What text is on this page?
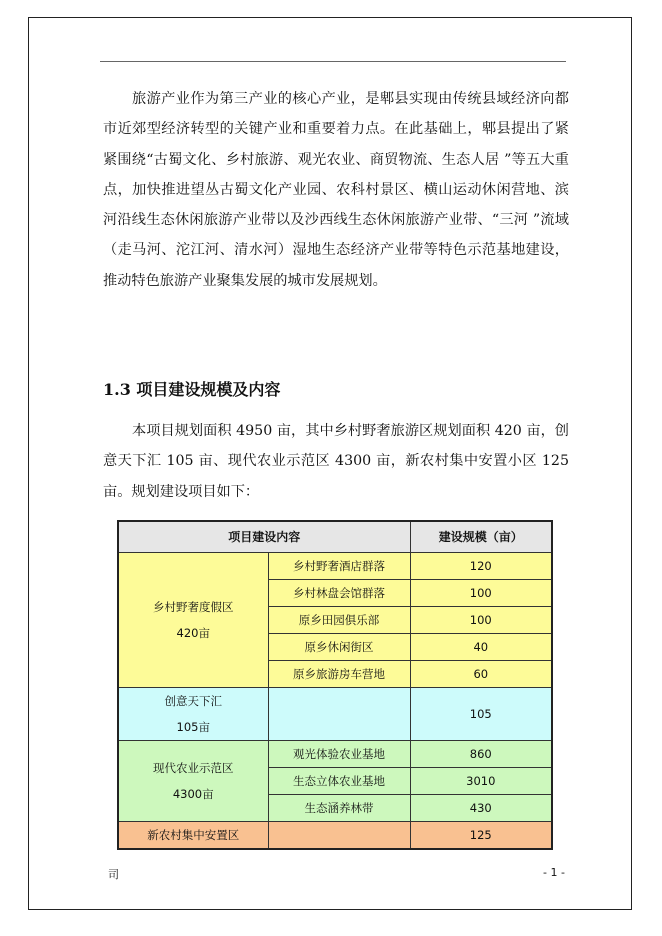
旅游产业作为第三产业的核心产业，是郫县实现由传统县域经济向都市近郊型经济转型的关键产业和重要着力点。在此基础上，郫县提出了紧紧围绕“古蜀文化、乡村旅游、观光农业、商贸物流、生态人居 ”等五大重点，加快推进望丛古蜀文化产业园、农科村景区、横山运动休闲营地、滨河沿线生态休闲旅游产业带以及沙西线生态休闲旅游产业带、“三河 ”流域（走马河、沱江河、清水河）湿地生态经济产业带等特色示范基地建设，推动特色旅游产业聚集发展的城市发展规划。

1.3 项目建设规模及内容

本项目规划面积 4950 亩，其中乡村野奢旅游区规划面积 420 亩，创意天下汇 105 亩、现代农业示范区 4300 亩，新农村集中安置小区 125 亩。规划建设项目如下：

项目建设内容		建设规模（亩）

乡村野奢度假区
420亩	乡村野奢酒店群落	120
	乡村林盘会馆群落	100
	原乡田园俱乐部	100
	原乡休闲街区	40
	原乡旅游房车营地	60

创意天下汇
105亩		105

现代农业示范区
4300亩	观光体验农业基地	860
	生态立体农业基地	3010
	生态涵养林带	430

新农村集中安置区		125
司	- 1 -
